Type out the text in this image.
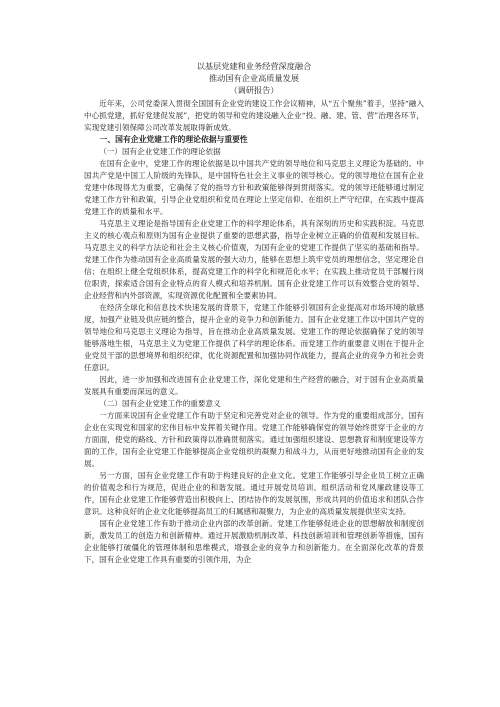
以基层党建和业务经营深度融合
推动国有企业高质量发展
（调研报告）

近年来，公司党委深入贯彻全国国有企业党的建设工作会议精神，从“五个聚焦”着手，坚持“融入中心抓党建，抓好党建促发展”，把党的领导和党的建设融入企业“投、融、建、管、营”治理各环节，实现党建引领保障公司改革发展取得新成效。

一、国有企业党建工作的理论依据与重要性
（一）国有企业党建工作的理论依据

在国有企业中，党建工作的理论依据是以中国共产党的领导地位和马克思主义理论为基础的。中国共产党是中国工人阶级的先锋队，是中国特色社会主义事业的领导核心。党的领导地位在国有企业党建中体现得尤为重要，它确保了党的指导方针和政策能够得到贯彻落实。党的领导还能够通过制定党建工作方针和政策，引导企业党组织和党员在理论上坚定信仰、在组织上严守纪律，在实践中提高党建工作的质量和水平。

马克思主义理论是指导国有企业党建工作的科学理论体系，具有深刻的历史和实践积淀。马克思主义的核心观点和原则为国有企业提供了重要的思想武器，指导企业树立正确的价值观和发展目标。马克思主义的科学方法论和社会主义核心价值观，为国有企业的党建工作提供了坚实的基础和指导。党建工作作为推动国有企业高质量发展的强大动力，能够在思想上筑牢党员的理想信念，坚定理论自信；在组织上健全党组织体系，提高党建工作的科学化和规范化水平；在实践上推动党员干部履行岗位职责，探索适合国有企业特点的育人模式和培养机制。国有企业党建工作可以有效整合党的领导、企业经营和内外部资源，实现资源优化配置和全要素协同。

在经济全球化和信息技术快速发展的背景下，党建工作能够引领国有企业提高对市场环境的敏感度，加强产业链及供应链的整合，提升企业的竞争力和创新能力。国有企业党建工作以中国共产党的领导地位和马克思主义理论为指导，旨在推动企业高质量发展。党建工作的理论依据确保了党的领导能够落地生根，马克思主义为党建工作提供了科学的理论体系。而党建工作的重要意义则在于提升企业党员干部的思想境界和组织纪律，优化资源配置和加强协同作战能力，提高企业的竞争力和社会责任意识。

因此，进一步加强和改进国有企业党建工作，深化党建和生产经营的融合，对于国有企业高质量发展具有重要而深远的意义。

（二）国有企业党建工作的重要意义

一方面来说国有企业党建工作有助于坚定和完善党对企业的领导。作为党的重要组成部分，国有企业在实现党和国家的宏伟目标中发挥着关键作用。党建工作能够确保党的领导始终贯穿于企业的方方面面，使党的路线、方针和政策得以准确贯彻落实。通过加强组织建设、思想教育和制度建设等方面的工作，国有企业党建工作能够提高企业党组织的凝聚力和战斗力，从而更好地推动国有企业的发展。

另一方面，国有企业党建工作有助于构建良好的企业文化。党建工作能够引导企业员工树立正确的价值观念和行为规范，促进企业的和谐发展。通过开展党员培训、组织活动和党风廉政建设等工作，国有企业党建工作能够营造出积极向上、团结协作的发展氛围，形成共同的价值追求和团队合作意识。这种良好的企业文化能够提高员工的归属感和凝聚力，为企业的高质量发展提供坚实支持。

国有企业党建工作有助于推动企业内部的改革创新。党建工作能够促进企业的思想解放和制度创新，激发员工的创造力和创新精神。通过开展激励机制改革、科技创新培训和管理创新等措施，国有企业能够打破僵化的管理体制和思维模式，增强企业的竞争力和创新能力。在全面深化改革的背景下，国有企业党建工作具有重要的引领作用，为企
